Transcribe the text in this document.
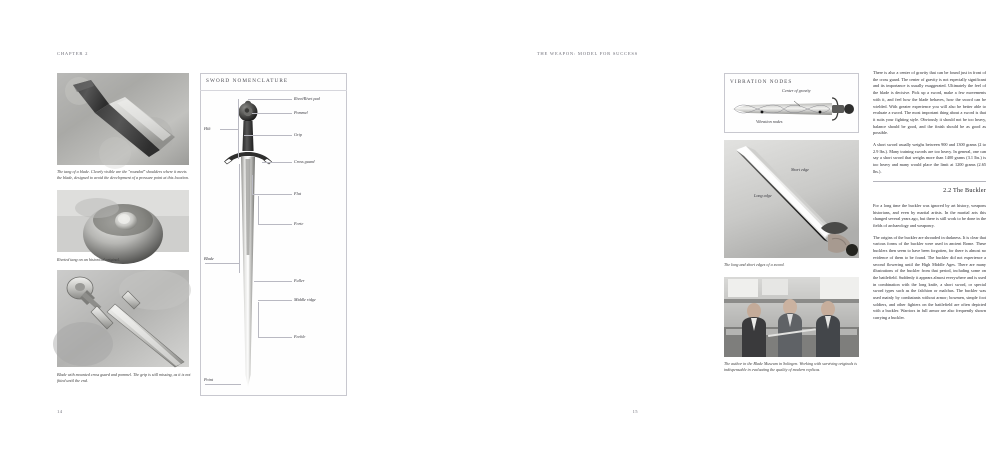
CHAPTER 2
The tang of a blade. Clearly visible are the "rounded" shoulders where it meets the blade, designed to avoid the development of a pressure point at this location.
Riveted tang on an historical original.
Blade with mounted cross guard and pommel. The grip is still missing, as it is not fitted until the end.
SWORD NOMENCLATURE
Rivet/Rivet pad
Pommel
Grip
Cross guard
Flat
Forte
Fuller
Middle ridge
Feeble
Hilt
Blade
Point
14
THE WEAPON: MODEL FOR SUCCESS
VIBRATION NODES
Center of gravity
Vibration nodes
Short edge
Long edge
The long and short edges of a sword.
The author in the Blade Museum in Solingen. Working with surviving originals is indispensable in evaluating the quality of modern replicas.

There is also a center of gravity that can be found just in front of the cross guard. The center of gravity is not especially significant and its importance is usually exaggerated. Ultimately the feel of the blade is decisive. Pick up a sword, make a few movements with it, and feel how the blade behaves, how the sword can be wielded. With greater experience you will also be better able to evaluate a sword. The most important thing about a sword is that it suits your fighting style. Obviously it should not be too heavy, balance should be good, and the finish should be as good as possible.

A short sword usually weighs between 900 and 1300 grams (2 to 2.9 lbs.). Many training swords are too heavy. In general, one can say a short sword that weighs more than 1400 grams (3.1 lbs.) is too heavy and many would place the limit at 1200 grams (2.65 lbs.).

2.2 The Buckler

For a long time the buckler was ignored by art history, weapons historians, and even by martial artists. In the martial arts this changed several years ago, but there is still work to be done in the fields of archaeology and weaponry.

The origins of the buckler are shrouded in darkness. It is clear that various forms of the buckler were used in ancient Rome. These bucklers then seem to have been forgotten, for there is almost no evidence of them to be found. The buckler did not experience a second flowering until the High Middle Ages. There are many illustrations of the buckler from that period, including some on the battlefield. Suddenly it appears almost everywhere and is used in combination with the long knife, a short sword, or special sword types such as the falchion or malchus. The buckler was used mainly by combatants without armor; bowmen, simple foot soldiers, and other fighters on the battlefield are often depicted with a buckler. Warriors in full armor are also frequently shown carrying a buckler.

15
